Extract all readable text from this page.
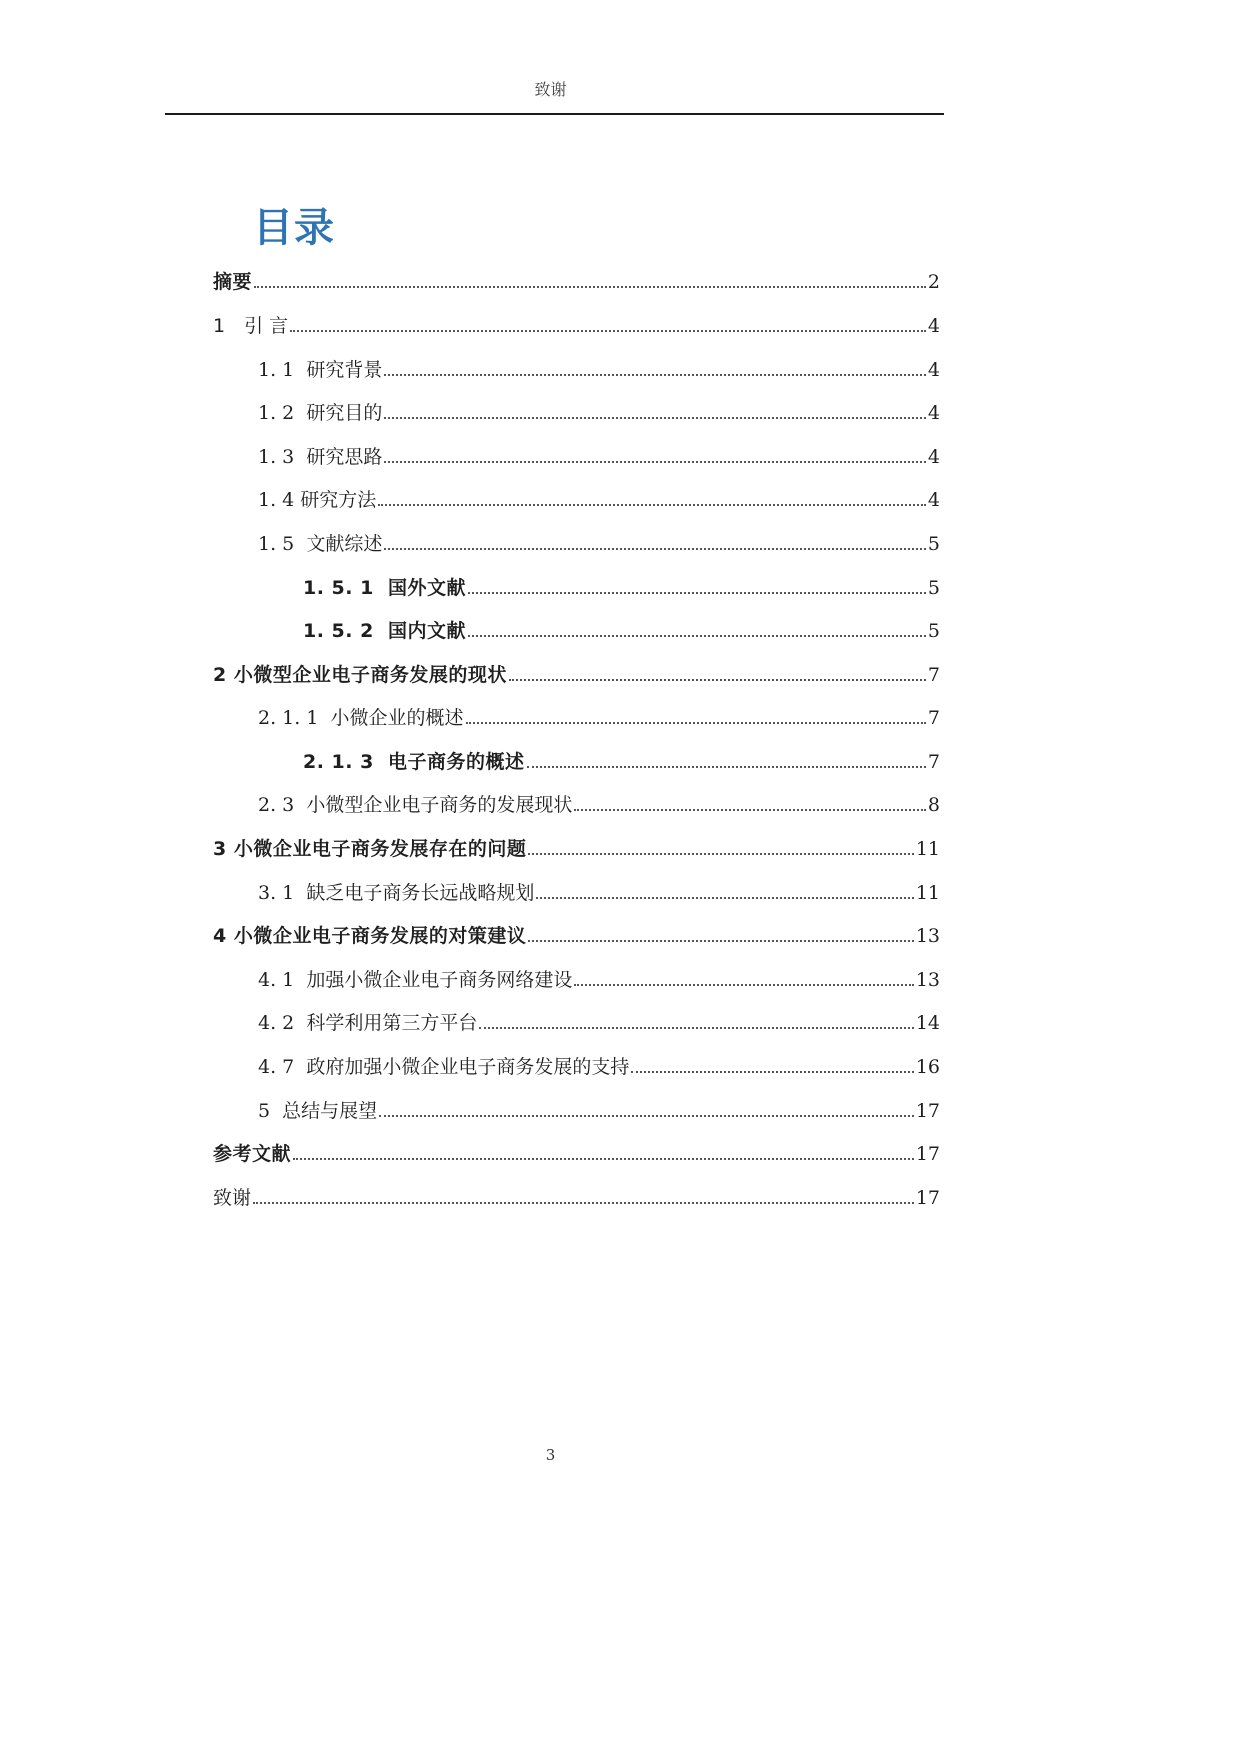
致谢
目录
摘要	2
1　引 言	4
1. 1  研究背景	4
1. 2  研究目的	4
1. 3  研究思路	4
1. 4 研究方法	4
1. 5  文献综述	5
1. 5. 1  国外文献	5
1. 5. 2  国内文献	5
2 小微型企业电子商务发展的现状	7
2. 1. 1  小微企业的概述	7
2. 1. 3  电子商务的概述	7
2. 3  小微型企业电子商务的发展现状	8
3 小微企业电子商务发展存在的问题	11
3. 1  缺乏电子商务长远战略规划	11
4 小微企业电子商务发展的对策建议	13
4. 1  加强小微企业电子商务网络建设	13
4. 2  科学利用第三方平台	14
4. 7  政府加强小微企业电子商务发展的支持	16
5  总结与展望	17
参考文献	17
致谢	17
3
